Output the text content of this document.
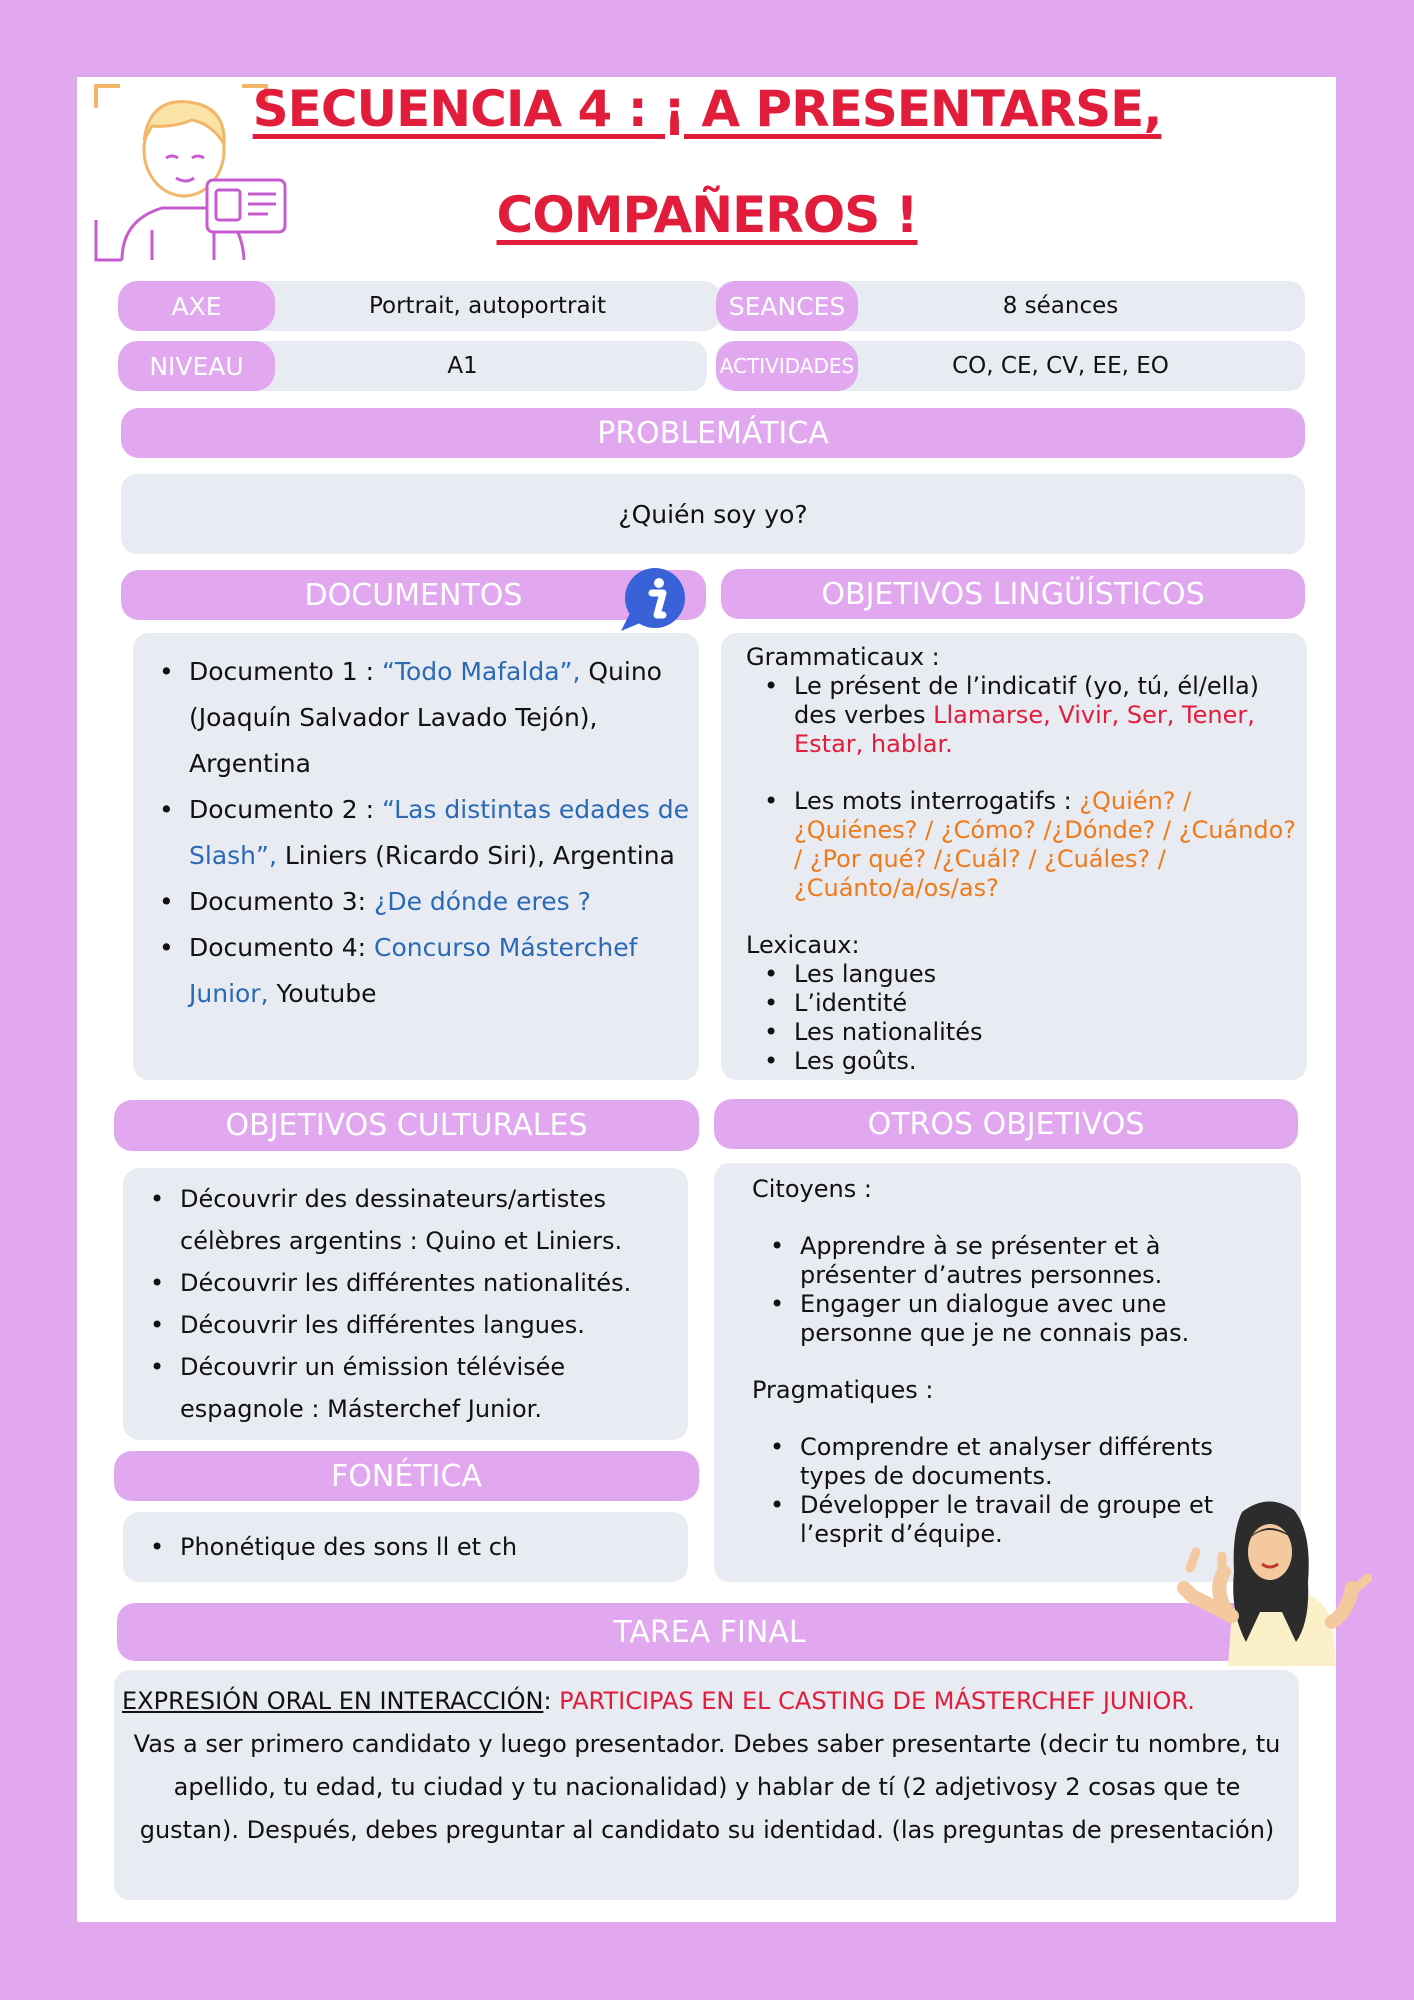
SECUENCIA 4 : ¡ A PRESENTARSE,
COMPAÑEROS !
AXE	Portrait, autoportrait	SEANCES	8 séances
NIVEAU	A1	ACTIVIDADES	CO, CE, CV, EE, EO
PROBLEMÁTICA
¿Quién soy yo?
DOCUMENTOS
• Documento 1 : “Todo Mafalda”, Quino (Joaquín Salvador Lavado Tejón), Argentina
• Documento 2 : “Las distintas edades de Slash”, Liniers (Ricardo Siri), Argentina
• Documento 3: ¿De dónde eres ?
• Documento 4: Concurso Másterchef Junior, Youtube
OBJETIVOS LINGÜÍSTICOS
Grammaticaux :
• Le présent de l’indicatif (yo, tú, él/ella) des verbes Llamarse, Vivir, Ser, Tener, Estar, hablar.
• Les mots interrogatifs : ¿Quién? / ¿Quiénes? / ¿Cómo? /¿Dónde? / ¿Cuándo? / ¿Por qué? /¿Cuál? / ¿Cuáles? /¿Cuánto/a/os/as?
Lexicaux:
• Les langues
• L’identité
• Les nationalités
• Les goûts.
OBJETIVOS CULTURALES
• Découvrir des dessinateurs/artistes célèbres argentins : Quino et Liniers.
• Découvrir les différentes nationalités.
• Découvrir les différentes langues.
• Découvrir un émission télévisée espagnole : Másterchef Junior.
FONÉTICA
• Phonétique des sons ll et ch
OTROS OBJETIVOS
Citoyens :
• Apprendre à se présenter et à présenter d’autres personnes.
• Engager un dialogue avec une personne que je ne connais pas.
Pragmatiques :
• Comprendre et analyser différents types de documents.
• Développer le travail de groupe et l’esprit d’équipe.
TAREA FINAL
EXPRESIÓN ORAL EN INTERACCIÓN: PARTICIPAS EN EL CASTING DE MÁSTERCHEF JUNIOR.
Vas a ser primero candidato y luego presentador. Debes saber presentarte (decir tu nombre, tu apellido, tu edad, tu ciudad y tu nacionalidad) y hablar de tí (2 adjetivosy 2 cosas que te gustan). Después, debes preguntar al candidato su identidad. (las preguntas de presentación)
